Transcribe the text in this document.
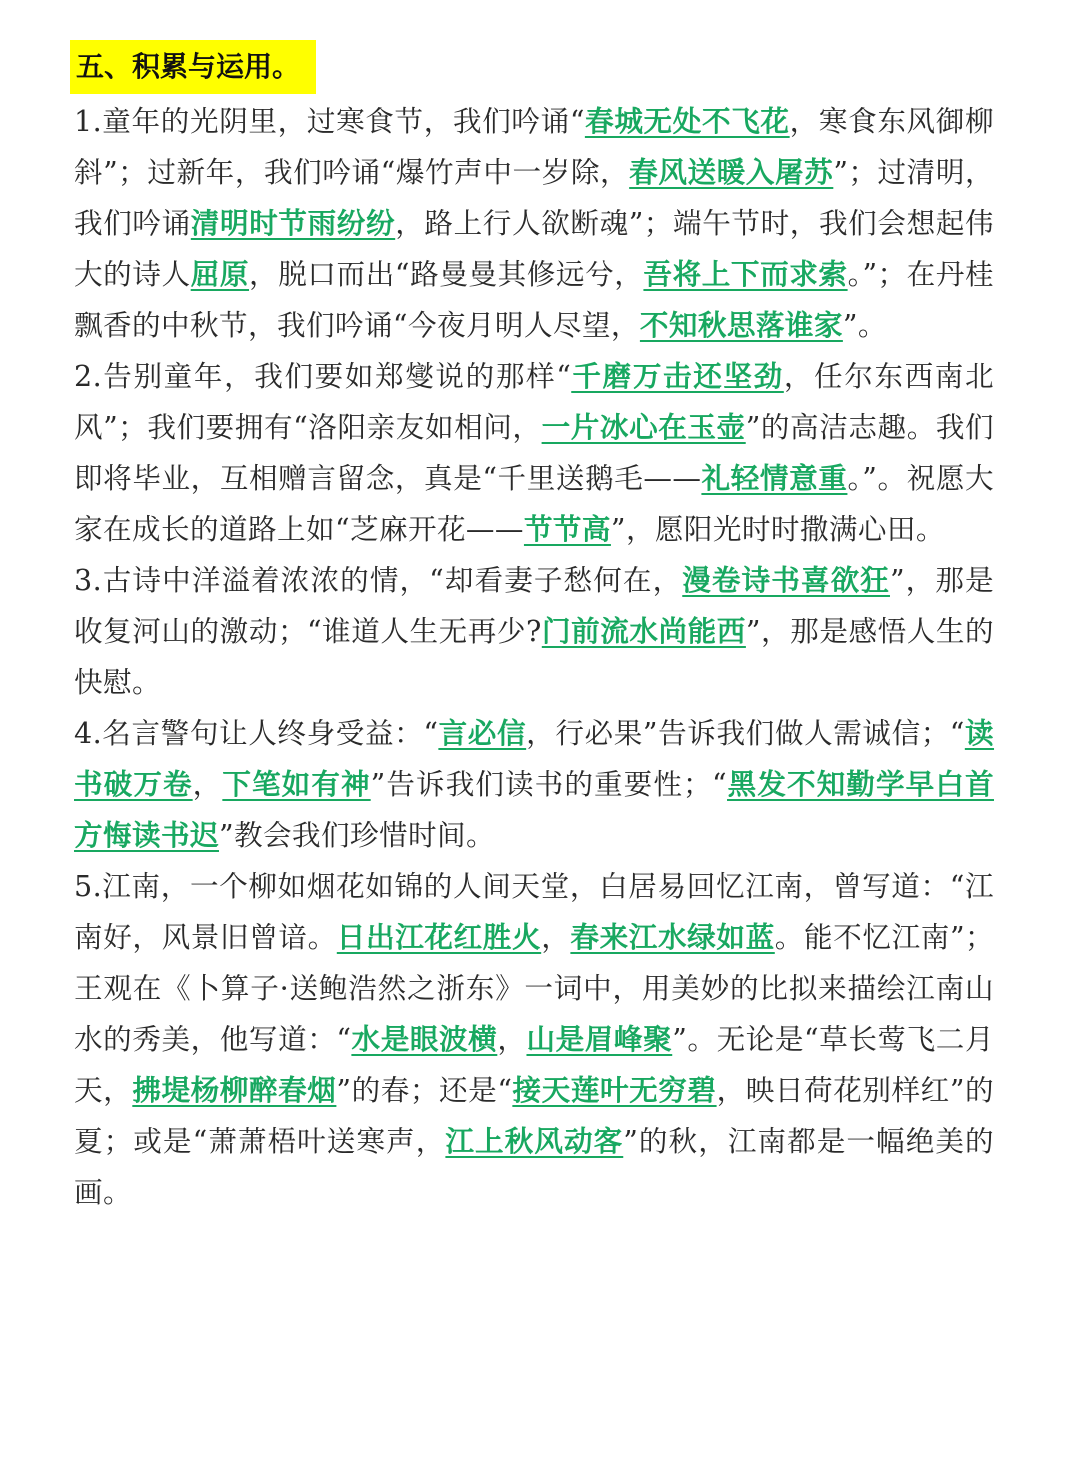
五、积累与运用。

1.童年的光阴里，过寒食节，我们吟诵“春城无处不飞花，寒食东风御柳斜”；过新年，我们吟诵“爆竹声中一岁除，春风送暖入屠苏”；过清明，我们吟诵清明时节雨纷纷，路上行人欲断魂”；端午节时，我们会想起伟大的诗人屈原，脱口而出“路曼曼其修远兮，吾将上下而求索。”；在丹桂飘香的中秋节，我们吟诵“今夜月明人尽望，不知秋思落谁家”。

2.告别童年，我们要如郑燮说的那样“千磨万击还坚劲，任尔东西南北风”；我们要拥有“洛阳亲友如相问，一片冰心在玉壶”的高洁志趣。我们即将毕业，互相赠言留念，真是“千里送鹅毛——礼轻情意重。”。祝愿大家在成长的道路上如“芝麻开花——节节高”，愿阳光时时撒满心田。

3.古诗中洋溢着浓浓的情，“却看妻子愁何在，漫卷诗书喜欲狂”，那是收复河山的激动；“谁道人生无再少?门前流水尚能西”，那是感悟人生的快慰。

4.名言警句让人终身受益：“言必信，行必果”告诉我们做人需诚信；“读书破万卷，下笔如有神”告诉我们读书的重要性；“黑发不知勤学早白首方悔读书迟”教会我们珍惜时间。

5.江南，一个柳如烟花如锦的人间天堂，白居易回忆江南，曾写道：“江南好，风景旧曾谙。日出江花红胜火，春来江水绿如蓝。能不忆江南”；王观在《卜算子·送鲍浩然之浙东》一词中，用美妙的比拟来描绘江南山水的秀美，他写道：“水是眼波横，山是眉峰聚”。无论是“草长莺飞二月天，拂堤杨柳醉春烟”的春；还是“接天莲叶无穷碧，映日荷花别样红”的夏；或是“萧萧梧叶送寒声，江上秋风动客”的秋，江南都是一幅绝美的画。
